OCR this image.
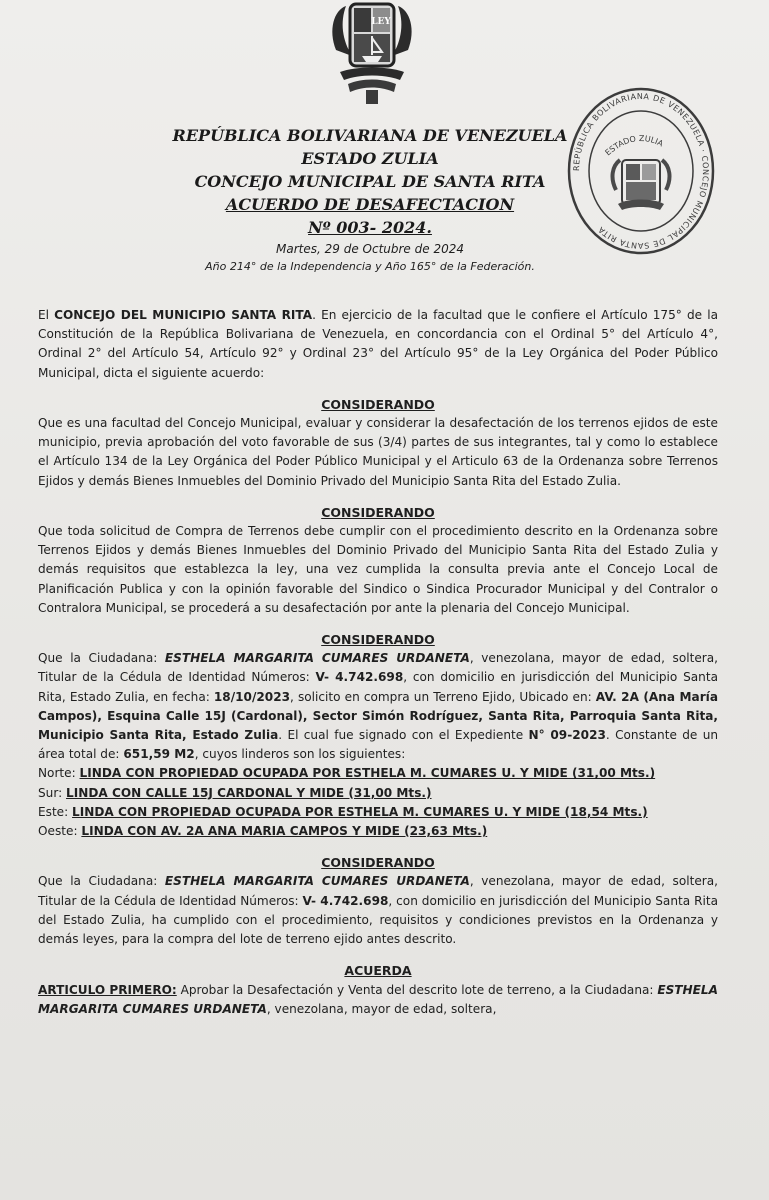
LEY
REPÚBLICA BOLIVARIANA DE VENEZUELA · CONCEJO MUNICIPAL DE SANTA RITA
ESTADO ZULIA
REPÚBLICA BOLIVARIANA DE VENEZUELA
ESTADO ZULIA
CONCEJO MUNICIPAL DE SANTA RITA
ACUERDO DE DESAFECTACION
Nº 003- 2024.
Martes, 29 de Octubre de 2024
Año 214° de la Independencia y Año 165° de la Federación.

El CONCEJO DEL MUNICIPIO SANTA RITA. En ejercicio de la facultad que le confiere el Artículo 175° de la Constitución de la República Bolivariana de Venezuela, en concordancia con el Ordinal 5° del Artículo 4°, Ordinal 2° del Artículo 54, Artículo 92° y Ordinal 23° del Artículo 95° de la Ley Orgánica del Poder Público Municipal, dicta el siguiente acuerdo:

CONSIDERANDO

Que es una facultad del Concejo Municipal, evaluar y considerar la desafectación de los terrenos ejidos de este municipio, previa aprobación del voto favorable de sus (3/4) partes de sus integrantes, tal y como lo establece el Artículo 134 de la Ley Orgánica del Poder Público Municipal y el Articulo 63 de la Ordenanza sobre Terrenos Ejidos y demás Bienes Inmuebles del Dominio Privado del Municipio Santa Rita del Estado Zulia.

CONSIDERANDO

Que toda solicitud de Compra de Terrenos debe cumplir con el procedimiento descrito en la Ordenanza sobre Terrenos Ejidos y demás Bienes Inmuebles del Dominio Privado del Municipio Santa Rita del Estado Zulia y demás requisitos que establezca la ley, una vez cumplida la consulta previa ante el Concejo Local de Planificación Publica y con la opinión favorable del Sindico o Sindica Procurador Municipal y del Contralor o Contralora Municipal, se procederá a su desafectación por ante la plenaria del Concejo Municipal.

CONSIDERANDO

Que la Ciudadana: ESTHELA MARGARITA CUMARES URDANETA, venezolana, mayor de edad, soltera, Titular de la Cédula de Identidad Números: V- 4.742.698, con domicilio en jurisdicción del Municipio Santa Rita, Estado Zulia, en fecha: 18/10/2023, solicito en compra un Terreno Ejido, Ubicado en: AV. 2A (Ana María Campos), Esquina Calle 15J (Cardonal), Sector Simón Rodríguez, Santa Rita, Parroquia Santa Rita, Municipio Santa Rita, Estado Zulia. El cual fue signado con el Expediente N° 09-2023. Constante de un área total de: 651,59 M2, cuyos linderos son los siguientes:

Norte: LINDA CON PROPIEDAD OCUPADA POR ESTHELA M. CUMARES U. Y MIDE (31,00 Mts.)
Sur: LINDA CON CALLE 15J CARDONAL Y MIDE (31,00 Mts.)
Este: LINDA CON PROPIEDAD OCUPADA POR ESTHELA M. CUMARES U. Y MIDE (18,54 Mts.)
Oeste: LINDA CON AV. 2A ANA MARIA CAMPOS Y MIDE (23,63 Mts.)
CONSIDERANDO

Que la Ciudadana: ESTHELA MARGARITA CUMARES URDANETA, venezolana, mayor de edad, soltera, Titular de la Cédula de Identidad Números: V- 4.742.698, con domicilio en jurisdicción del Municipio Santa Rita del Estado Zulia, ha cumplido con el procedimiento, requisitos y condiciones previstos en la Ordenanza y demás leyes, para la compra del lote de terreno ejido antes descrito.

ACUERDA

ARTICULO PRIMERO: Aprobar la Desafectación y Venta del descrito lote de terreno, a la Ciudadana: ESTHELA MARGARITA CUMARES URDANETA, venezolana, mayor de edad, soltera,
